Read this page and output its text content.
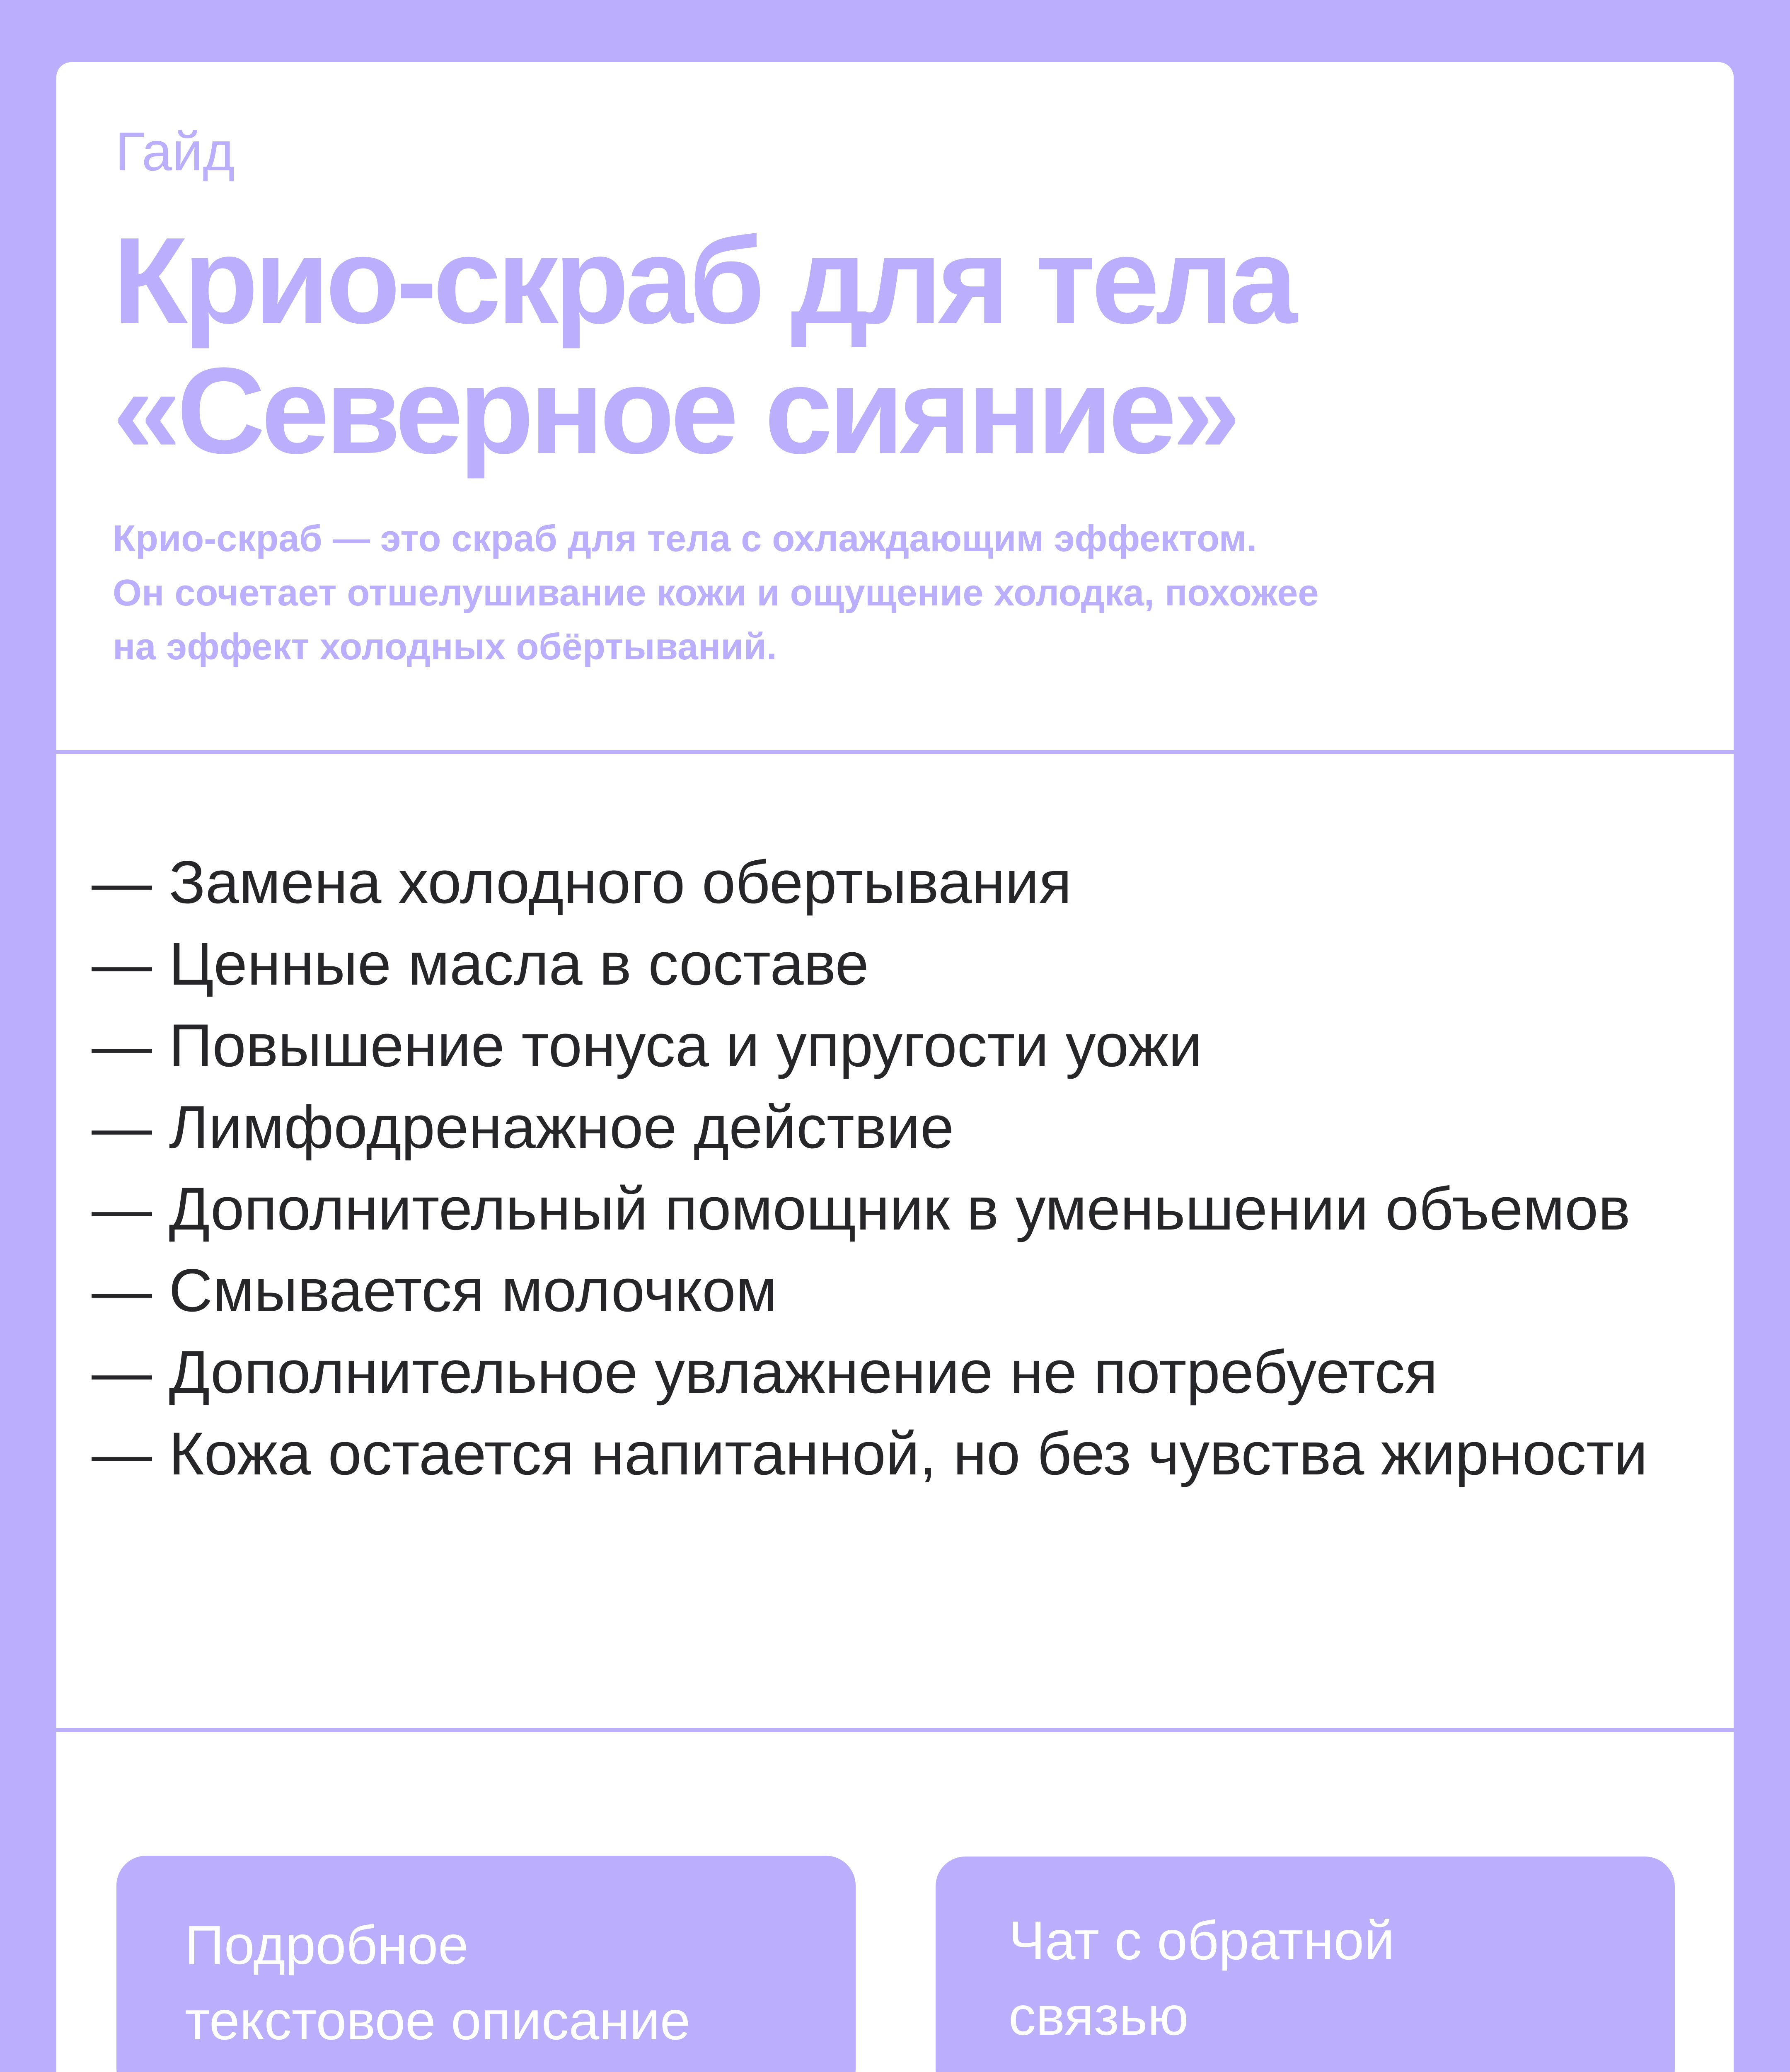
Гайд
Крио-скраб для тела
«Северное сияние»

Крио-скраб — это скраб для тела с охлаждающим эффектом.
Он сочетает отшелушивание кожи и ощущение холодка, похожее
на эффект холодных обёртываний.

— Замена холодного обертывания
— Ценные масла в составе
— Повышение тонуса и упругости уожи
— Лимфодренажное действие
— Дополнительный помощник в уменьшении объемов
— Смывается молочком
— Дополнительное увлажнение не потребуется
— Кожа остается напитанной, но без чувства жирности
Подробное
текстовое описание
Чат с обратной
связью
